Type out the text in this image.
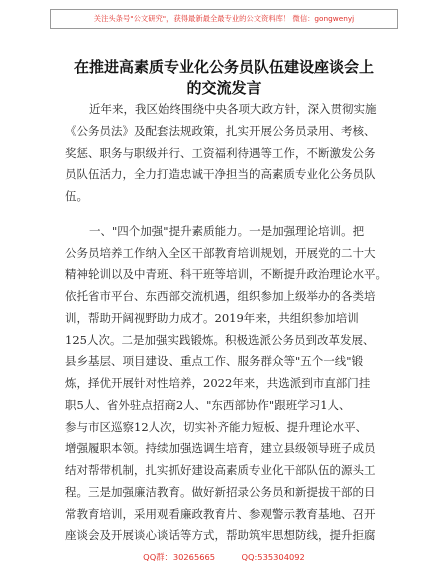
关注头条号"公文研究"，获得最新最全最专业的公文资料库！ 微信：gongwenyj
在推进高素质专业化公务员队伍建设座谈会上
的交流发言
近年来，我区始终围绕中央各项大政方针，深入贯彻实施
《公务员法》及配套法规政策，扎实开展公务员录用、考核、
奖惩、职务与职级并行、工资福利待遇等工作，不断激发公务
员队伍活力，全力打造忠诚干净担当的高素质专业化公务员队
伍。
一、"四个加强"提升素质能力。一是加强理论培训。把
公务员培养工作纳入全区干部教育培训规划，开展党的二十大
精神轮训以及中青班、科干班等培训，不断提升政治理论水平。
依托省市平台、东西部交流机遇，组织参加上级举办的各类培
训，帮助开阔视野助力成才。2019年来，共组织参加培训
125人次。二是加强实践锻炼。积极选派公务员到改革发展、
县乡基层、项目建设、重点工作、服务群众等"五个一线"锻
炼，择优开展针对性培养，2022年来，共选派到市直部门挂
职5人、省外驻点招商2人、"东西部协作"跟班学习1人、
参与市区巡察12人次，切实补齐能力短板、提升理论水平、
增强履职本领。持续加强选调生培育，建立县级领导班子成员
结对帮带机制，扎实抓好建设高素质专业化干部队伍的源头工
程。三是加强廉洁教育。做好新招录公务员和新提拔干部的日
常教育培训，采用观看廉政教育片、参观警示教育基地、召开
座谈会及开展谈心谈话等方式，帮助筑牢思想防线，提升拒腐
QQ群：30265665	QQ:535304092
